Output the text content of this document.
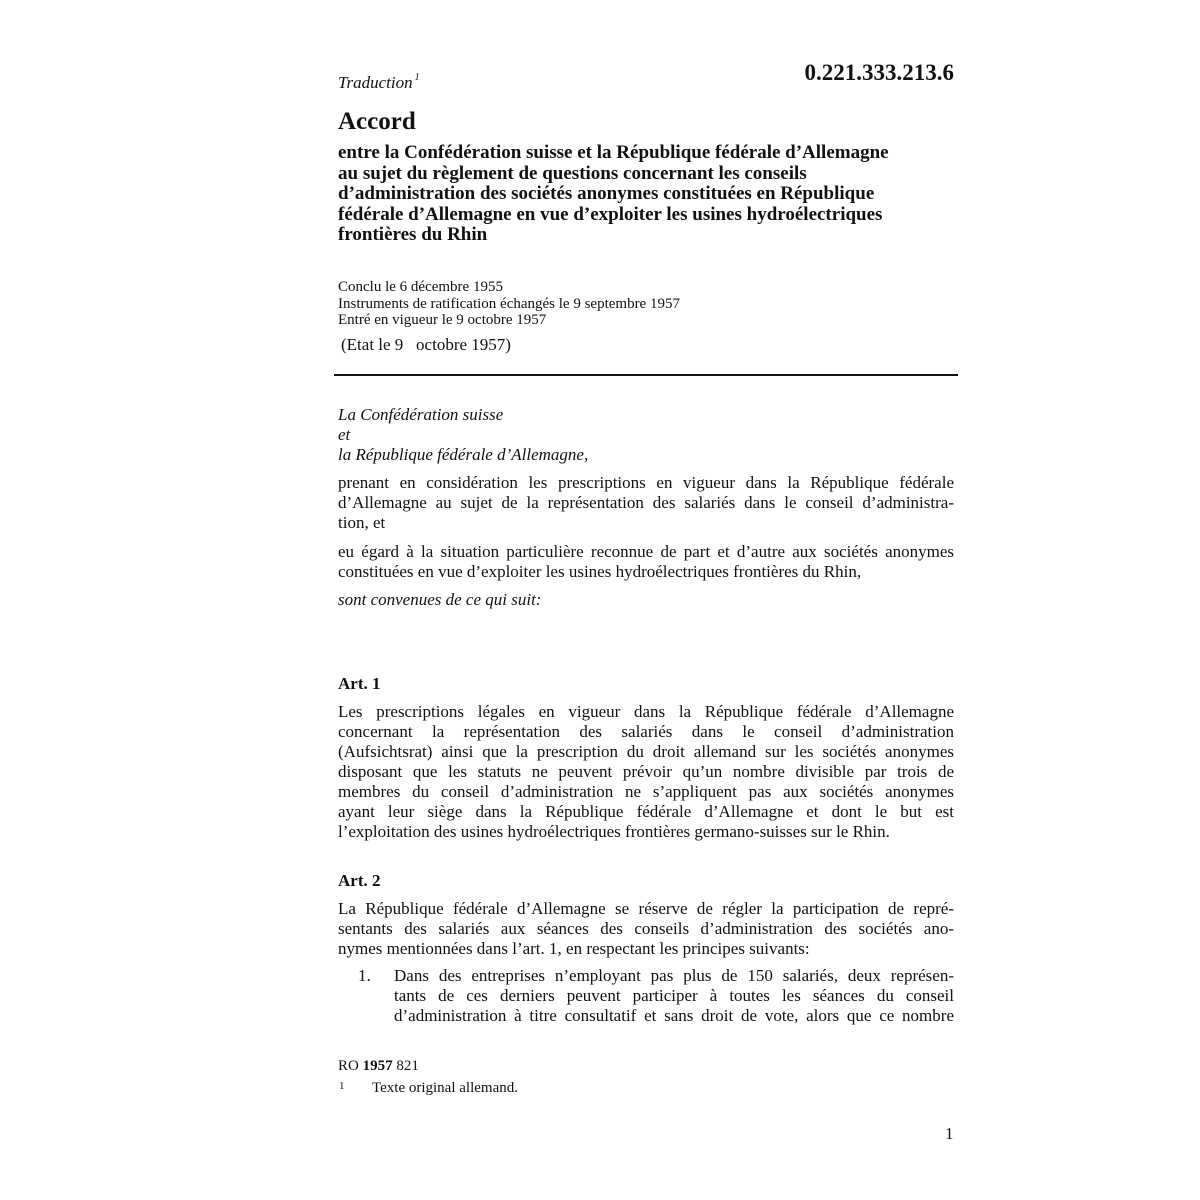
Traduction $^1$	0.221.333.213.6
Accord
entre la Confédération suisse et la République fédérale d’Allemagne
au sujet du règlement de questions concernant les conseils
d’administration des sociétés anonymes constituées en République
fédérale d’Allemagne en vue d’exploiter les usines hydroélectriques
frontières du Rhin
Conclu le 6 décembre 1955
Instruments de ratification échangés le 9 septembre 1957
Entré en vigueur le 9 octobre 1957
(Etat le 9   octobre 1957)
La Confédération suisse
et
la République fédérale d’Allemagne,
prenant en considération les prescriptions en vigueur dans la République fédérale
d’Allemagne au sujet de la représentation des salariés dans le conseil d’administra-
tion, et
eu égard à la situation particulière reconnue de part et d’autre aux sociétés anonymes
constituées en vue d’exploiter les usines hydroélectriques frontières du Rhin,
sont convenues de ce qui suit:
Art. 1
Les prescriptions légales en vigueur dans la République fédérale d’Allemagne
concernant la représentation des salariés dans le conseil d’administration
(Aufsichtsrat) ainsi que la prescription du droit allemand sur les sociétés anonymes
disposant que les statuts ne peuvent prévoir qu’un nombre divisible par trois de
membres du conseil d’administration ne s’appliquent pas aux sociétés anonymes
ayant leur siège dans la République fédérale d’Allemagne et dont le but est
l’exploitation des usines hydroélectriques frontières germano-suisses sur le Rhin.
Art. 2
La République fédérale d’Allemagne se réserve de régler la participation de repré-
sentants des salariés aux séances des conseils d’administration des sociétés ano-
nymes mentionnées dans l’art. 1, en respectant les principes suivants:
1. Dans des entreprises n’employant pas plus de 150 salariés, deux représen-
tants de ces derniers peuvent participer à toutes les séances du conseil
d’administration à titre consultatif et sans droit de vote, alors que ce nombre
RO 1957 821
1 Texte original allemand.
1
